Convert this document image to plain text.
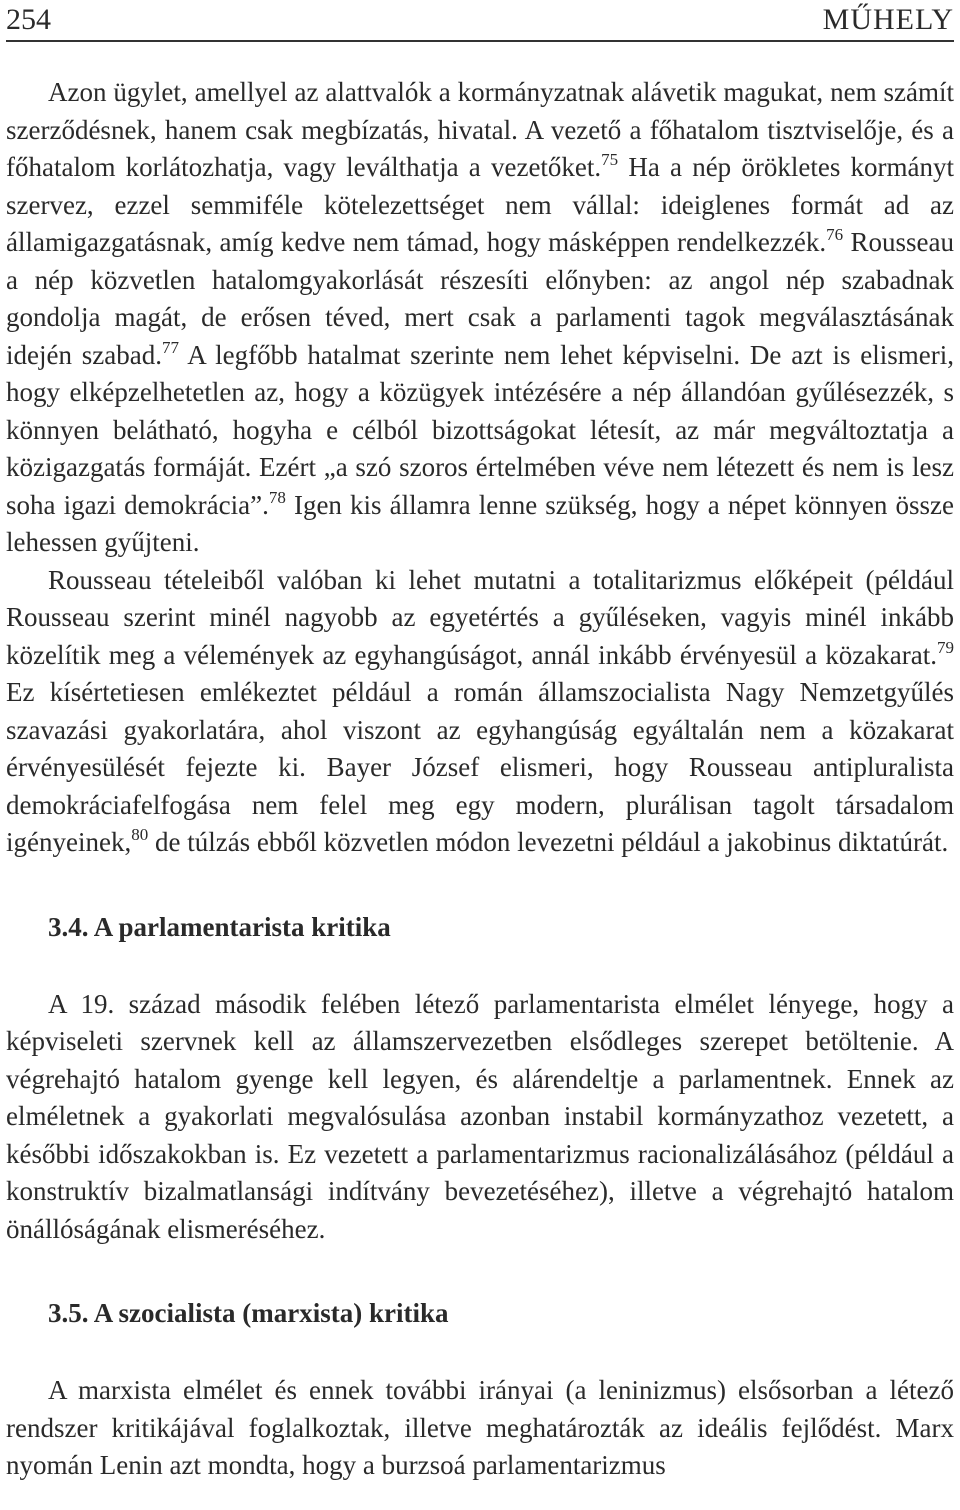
254	MŰHELY

Azon ügylet, amellyel az alattvalók a kormányzatnak alávetik magukat, nem számít szerződésnek, hanem csak megbízatás, hivatal. A vezető a főhatalom tisztviselője, és a főhatalom korlátozhatja, vagy leválthatja a vezetőket.$^{75}$ Ha a nép örökletes kormányt szervez, ezzel semmiféle kötelezettséget nem vállal: ideiglenes formát ad az államigazgatásnak, amíg kedve nem támad, hogy másképpen rendelkezzék.$^{76}$ Rousseau a nép közvetlen hatalomgyakorlását részesíti előnyben: az angol nép szabadnak gondolja magát, de erősen téved, mert csak a parlamenti tagok megválasztásának idején szabad.$^{77}$ A legfőbb hatalmat szerinte nem lehet képviselni. De azt is elismeri, hogy elképzelhetetlen az, hogy a közügyek intézésére a nép állandóan gyűlésezzék, s könnyen belátható, hogyha e célból bizottságokat létesít, az már megváltoztatja a közigazgatás formáját. Ezért „a szó szoros értelmében véve nem létezett és nem is lesz soha igazi demokrácia”.$^{78}$ Igen kis államra lenne szükség, hogy a népet könnyen össze lehessen gyűjteni.

Rousseau tételeiből valóban ki lehet mutatni a totalitarizmus előképeit (például Rousseau szerint minél nagyobb az egyetértés a gyűléseken, vagyis minél inkább közelítik meg a vélemények az egyhangúságot, annál inkább érvényesül a közakarat.$^{79}$ Ez kísértetiesen emlékeztet például a román államszocialista Nagy Nemzetgyűlés szavazási gyakorlatára, ahol viszont az egyhangúság egyáltalán nem a közakarat érvényesülését fejezte ki. Bayer József elismeri, hogy Rousseau antipluralista demokráciafelfogása nem felel meg egy modern, plurálisan tagolt társadalom igényeinek,$^{80}$ de túlzás ebből közvetlen módon levezetni például a jakobinus diktatúrát.

3.4. A parlamentarista kritika

A 19. század második felében létező parlamentarista elmélet lényege, hogy a képviseleti szervnek kell az államszervezetben elsődleges szerepet betöltenie. A végrehajtó hatalom gyenge kell legyen, és alárendeltje a parlamentnek. Ennek az elméletnek a gyakorlati megvalósulása azonban instabil kormányzathoz vezetett, a későbbi időszakokban is. Ez vezetett a parlamentarizmus racionalizálásához (például a konstruktív bizalmatlansági indítvány bevezetéséhez), illetve a végrehajtó hatalom önállóságának elismeréséhez.

3.5. A szocialista (marxista) kritika

A marxista elmélet és ennek további irányai (a leninizmus) elsősorban a létező rendszer kritikájával foglalkoztak, illetve meghatározták az ideális fejlődést. Marx nyomán Lenin azt mondta, hogy a burzsoá parlamentarizmus
